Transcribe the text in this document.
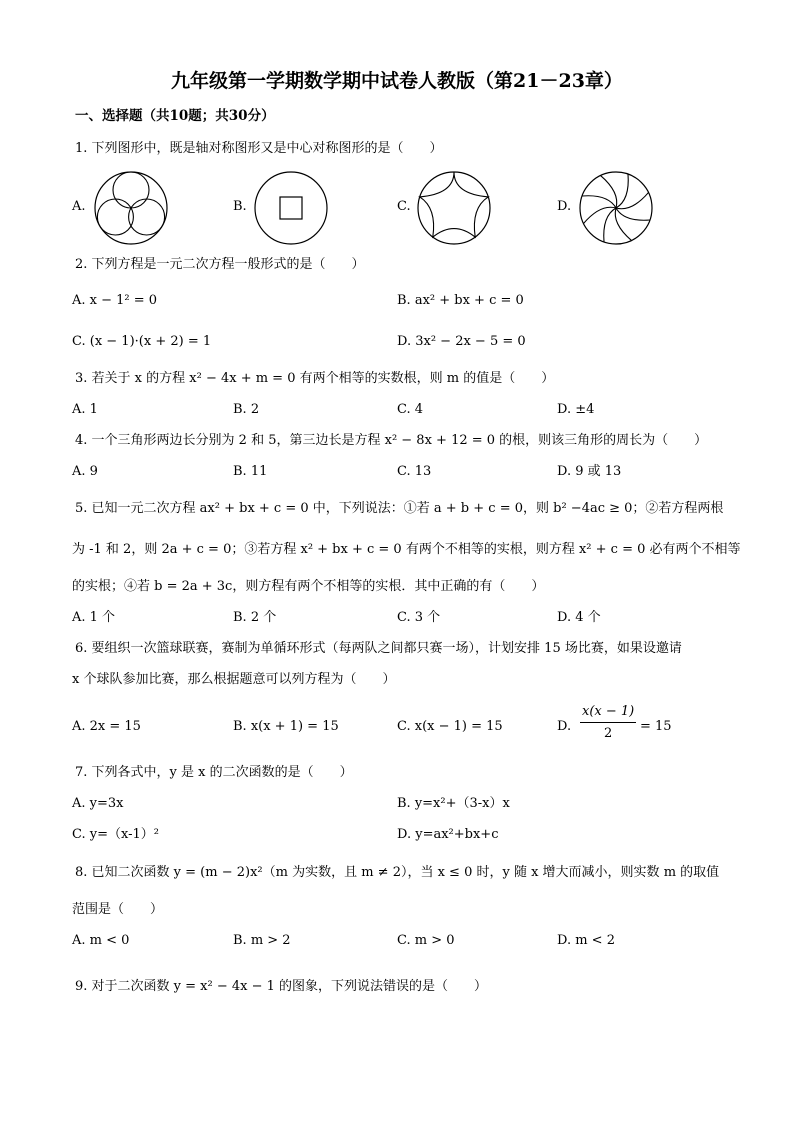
九年级第一学期数学期中试卷人教版（第21－23章）
一、选择题（共10题；共30分）
1. 下列图形中，既是轴对称图形又是中心对称图形的是（　　）
A.	B.	C.	D.
2. 下列方程是一元二次方程一般形式的是（　　）
A. x − 1² = 0	B. ax² + bx + c = 0
C. (x − 1)·(x + 2) = 1	D. 3x² − 2x − 5 = 0
3. 若关于 x 的方程 x² − 4x + m = 0 有两个相等的实数根，则 m 的值是（　　）
A. 1	B. 2	C. 4	D. ±4
4. 一个三角形两边长分别为 2 和 5，第三边长是方程 x² − 8x + 12 = 0 的根，则该三角形的周长为（　　）
A. 9	B. 11	C. 13	D. 9 或 13
5. 已知一元二次方程 ax² + bx + c = 0 中，下列说法：①若 a + b + c = 0，则 b² −4ac ≥ 0；②若方程两根
为 -1 和 2，则 2a + c = 0；③若方程 x² + bx + c = 0 有两个不相等的实根，则方程 x² + c = 0 必有两个不相等
的实根；④若 b = 2a + 3c，则方程有两个不相等的实根．其中正确的有（　　）
A. 1 个	B. 2 个	C. 3 个	D. 4 个
6. 要组织一次篮球联赛，赛制为单循环形式（每两队之间都只赛一场），计划安排 15 场比赛，如果设邀请
x 个球队参加比赛，那么根据题意可以列方程为（　　）
A. 2x = 15	B. x(x + 1) = 15	C. x(x − 1) = 15	D. $\frac{x(x - 1)}{2} = 15$
7. 下列各式中，y 是 x 的二次函数的是（　　）
A. y=3x	B. y=x²+（3-x）x
C. y=（x-1）²	D. y=ax²+bx+c
8. 已知二次函数 y = (m − 2)x²（m 为实数，且 m ≠ 2），当 x ≤ 0 时，y 随 x 增大而减小，则实数 m 的取值
范围是（　　）
A. m < 0	B. m > 2	C. m > 0	D. m < 2
9. 对于二次函数 y = x² − 4x − 1 的图象，下列说法错误的是（　　）
